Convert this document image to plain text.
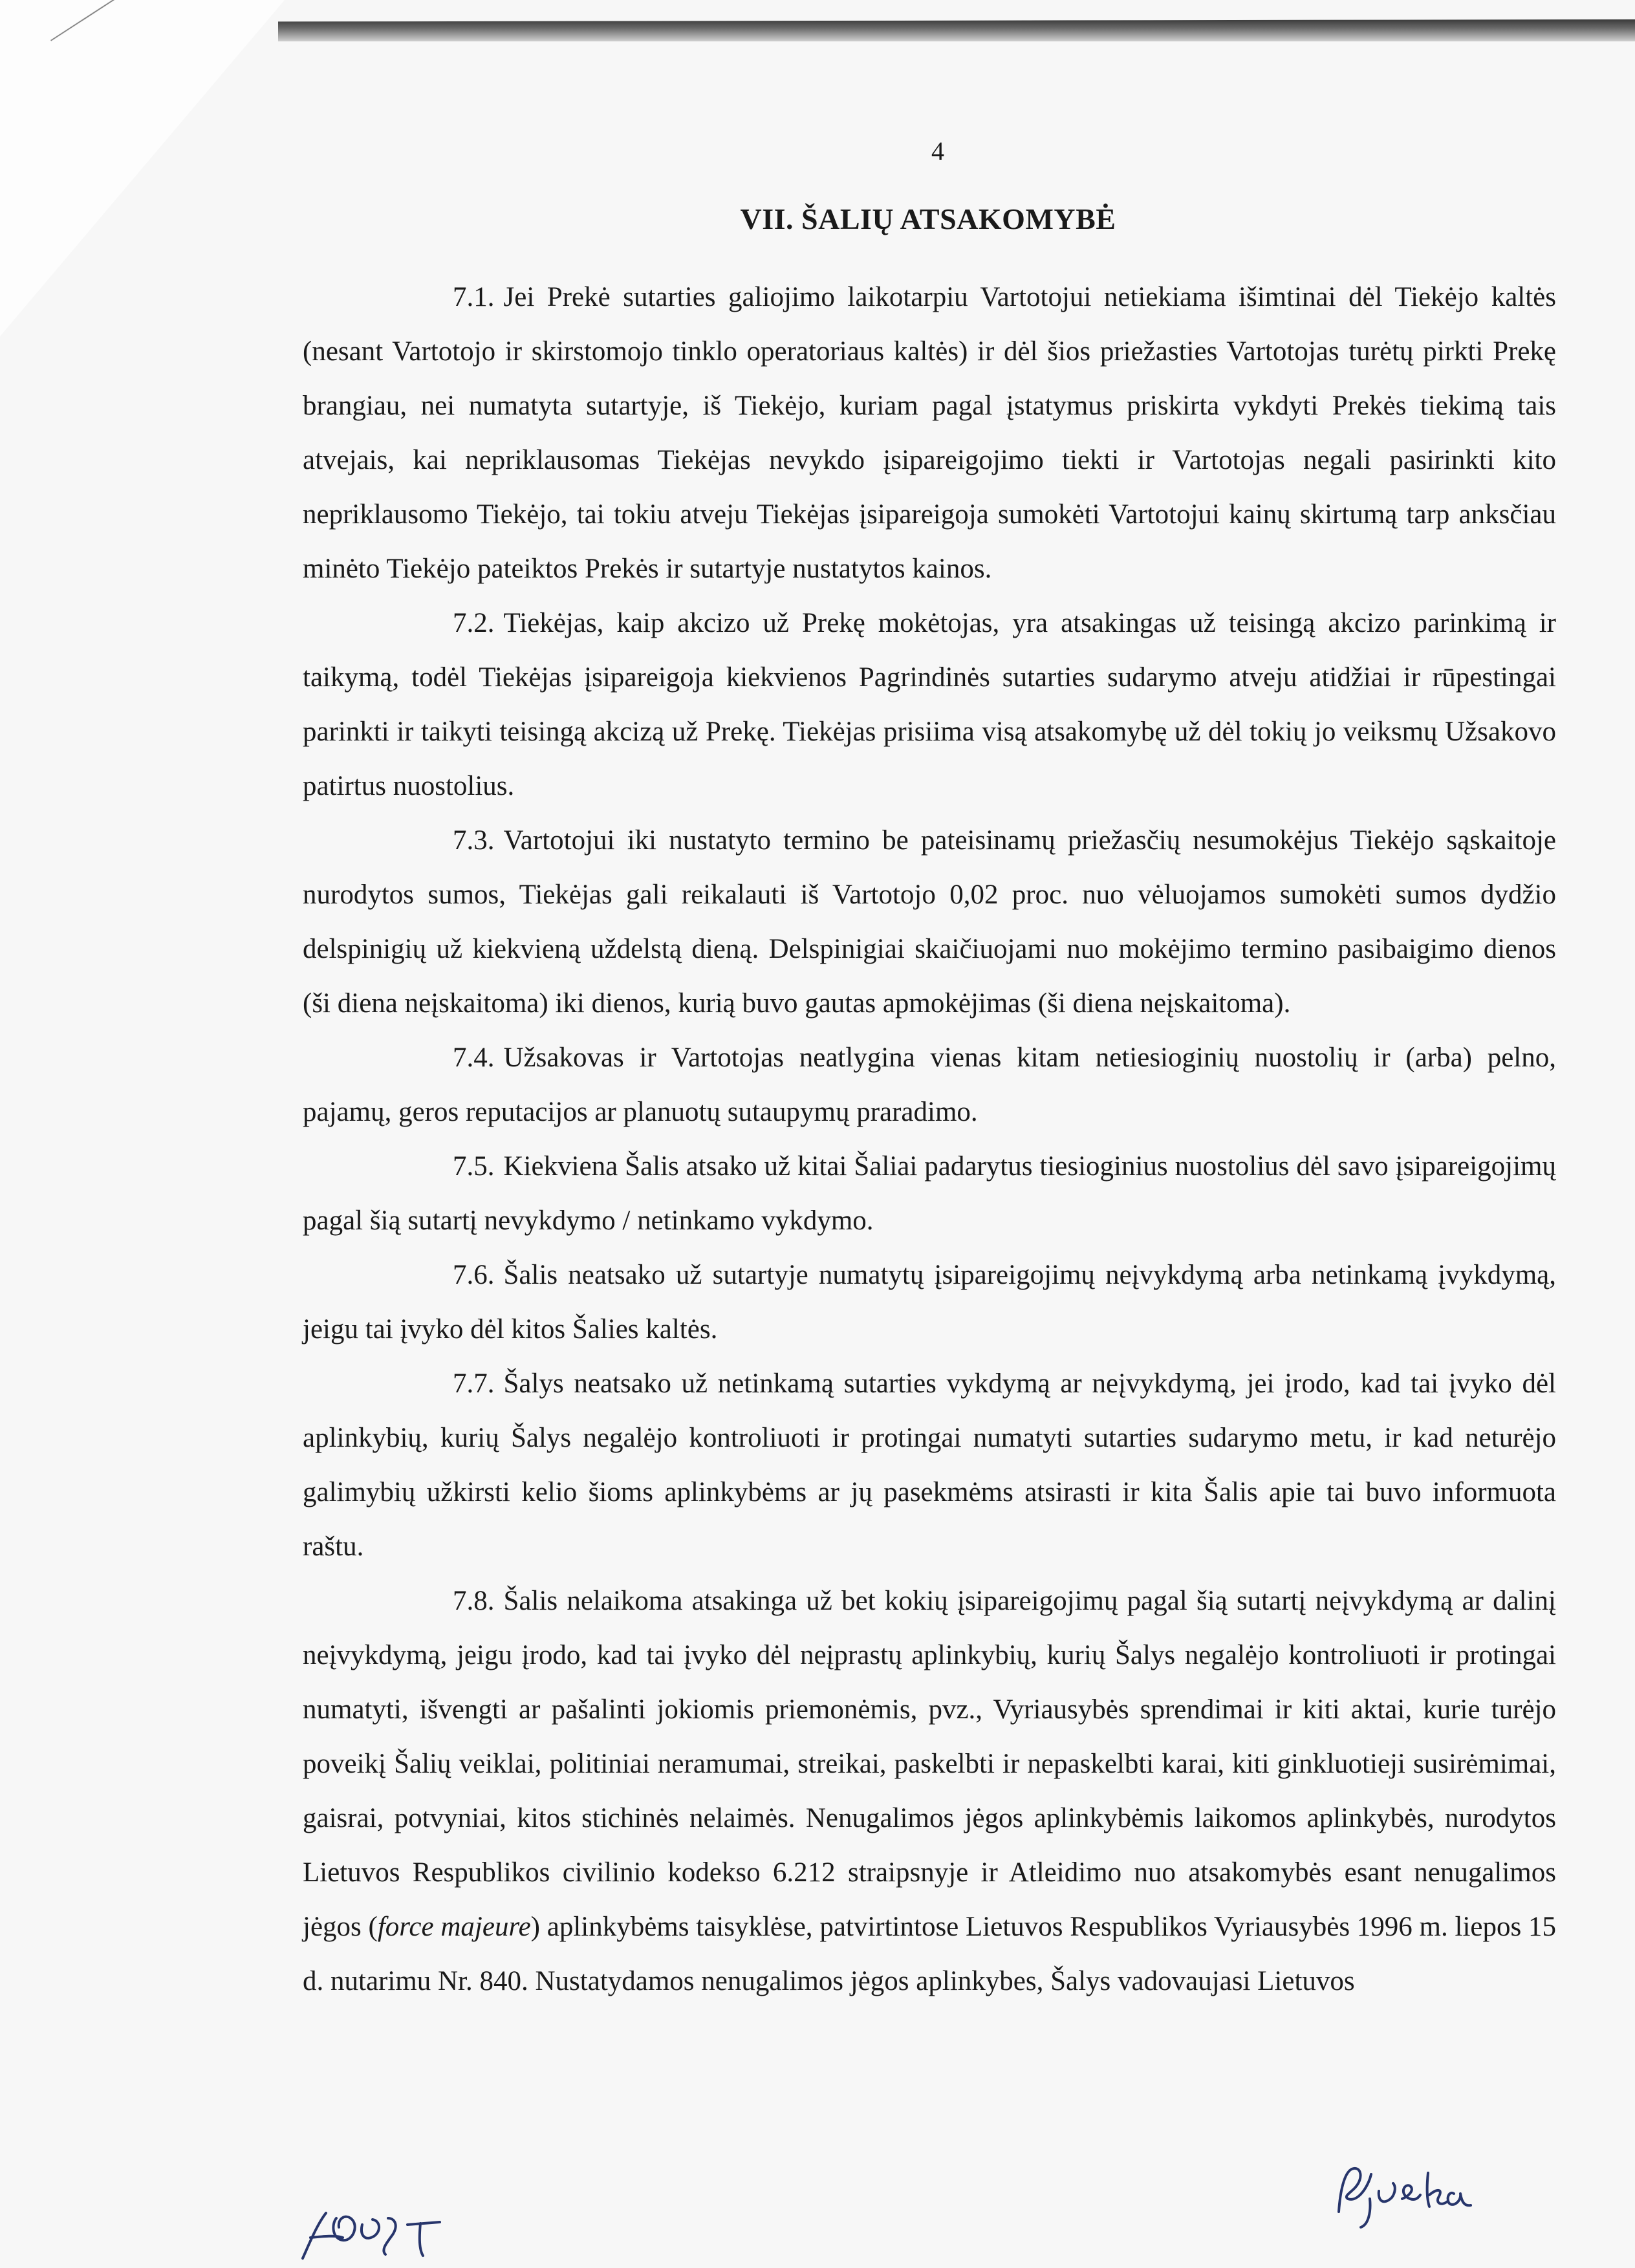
4
VII. ŠALIŲ ATSAKOMYBĖ

7.1. Jei Prekė sutarties galiojimo laikotarpiu Vartotojui netiekiama išimtinai dėl Tiekėjo kaltės (nesant Vartotojo ir skirstomojo tinklo operatoriaus kaltės) ir dėl šios priežasties Vartotojas turėtų pirkti Prekę brangiau, nei numatyta sutartyje, iš Tiekėjo, kuriam pagal įstatymus priskirta vykdyti Prekės tiekimą tais atvejais, kai nepriklausomas Tiekėjas nevykdo įsipareigojimo tiekti ir Vartotojas negali pasirinkti kito nepriklausomo Tiekėjo, tai tokiu atveju Tiekėjas įsipareigoja sumokėti Vartotojui kainų skirtumą tarp anksčiau minėto Tiekėjo pateiktos Prekės ir sutartyje nustatytos kainos.

7.2. Tiekėjas, kaip akcizo už Prekę mokėtojas, yra atsakingas už teisingą akcizo parinkimą ir taikymą, todėl Tiekėjas įsipareigoja kiekvienos Pagrindinės sutarties sudarymo atveju atidžiai ir rūpestingai parinkti ir taikyti teisingą akcizą už Prekę. Tiekėjas prisiima visą atsakomybę už dėl tokių jo veiksmų Užsakovo patirtus nuostolius.

7.3. Vartotojui iki nustatyto termino be pateisinamų priežasčių nesumokėjus Tiekėjo sąskaitoje nurodytos sumos, Tiekėjas gali reikalauti iš Vartotojo 0,02 proc. nuo vėluojamos sumokėti sumos dydžio delspinigių už kiekvieną uždelstą dieną. Delspinigiai skaičiuojami nuo mokėjimo termino pasibaigimo dienos (ši diena neįskaitoma) iki dienos, kurią buvo gautas apmokėjimas (ši diena neįskaitoma).

7.4. Užsakovas ir Vartotojas neatlygina vienas kitam netiesioginių nuostolių ir (arba) pelno, pajamų, geros reputacijos ar planuotų sutaupymų praradimo.

7.5. Kiekviena Šalis atsako už kitai Šaliai padarytus tiesioginius nuostolius dėl savo įsipareigojimų pagal šią sutartį nevykdymo / netinkamo vykdymo.

7.6. Šalis neatsako už sutartyje numatytų įsipareigojimų neįvykdymą arba netinkamą įvykdymą, jeigu tai įvyko dėl kitos Šalies kaltės.

7.7. Šalys neatsako už netinkamą sutarties vykdymą ar neįvykdymą, jei įrodo, kad tai įvyko dėl aplinkybių, kurių Šalys negalėjo kontroliuoti ir protingai numatyti sutarties sudarymo metu, ir kad neturėjo galimybių užkirsti kelio šioms aplinkybėms ar jų pasekmėms atsirasti ir kita Šalis apie tai buvo informuota raštu.

7.8. Šalis nelaikoma atsakinga už bet kokių įsipareigojimų pagal šią sutartį neįvykdymą ar dalinį neįvykdymą, jeigu įrodo, kad tai įvyko dėl neįprastų aplinkybių, kurių Šalys negalėjo kontroliuoti ir protingai numatyti, išvengti ar pašalinti jokiomis priemonėmis, pvz., Vyriausybės sprendimai ir kiti aktai, kurie turėjo poveikį Šalių veiklai, politiniai neramumai, streikai, paskelbti ir nepaskelbti karai, kiti ginkluotieji susirėmimai, gaisrai, potvyniai, kitos stichinės nelaimės. Nenugalimos jėgos aplinkybėmis laikomos aplinkybės, nurodytos Lietuvos Respublikos civilinio kodekso 6.212 straipsnyje ir Atleidimo nuo atsakomybės esant nenugalimos jėgos (force majeure) aplinkybėms taisyklėse, patvirtintose Lietuvos Respublikos Vyriausybės 1996 m. liepos 15 d. nutarimu Nr. 840. Nustatydamos nenugalimos jėgos aplinkybes, Šalys vadovaujasi Lietuvos
